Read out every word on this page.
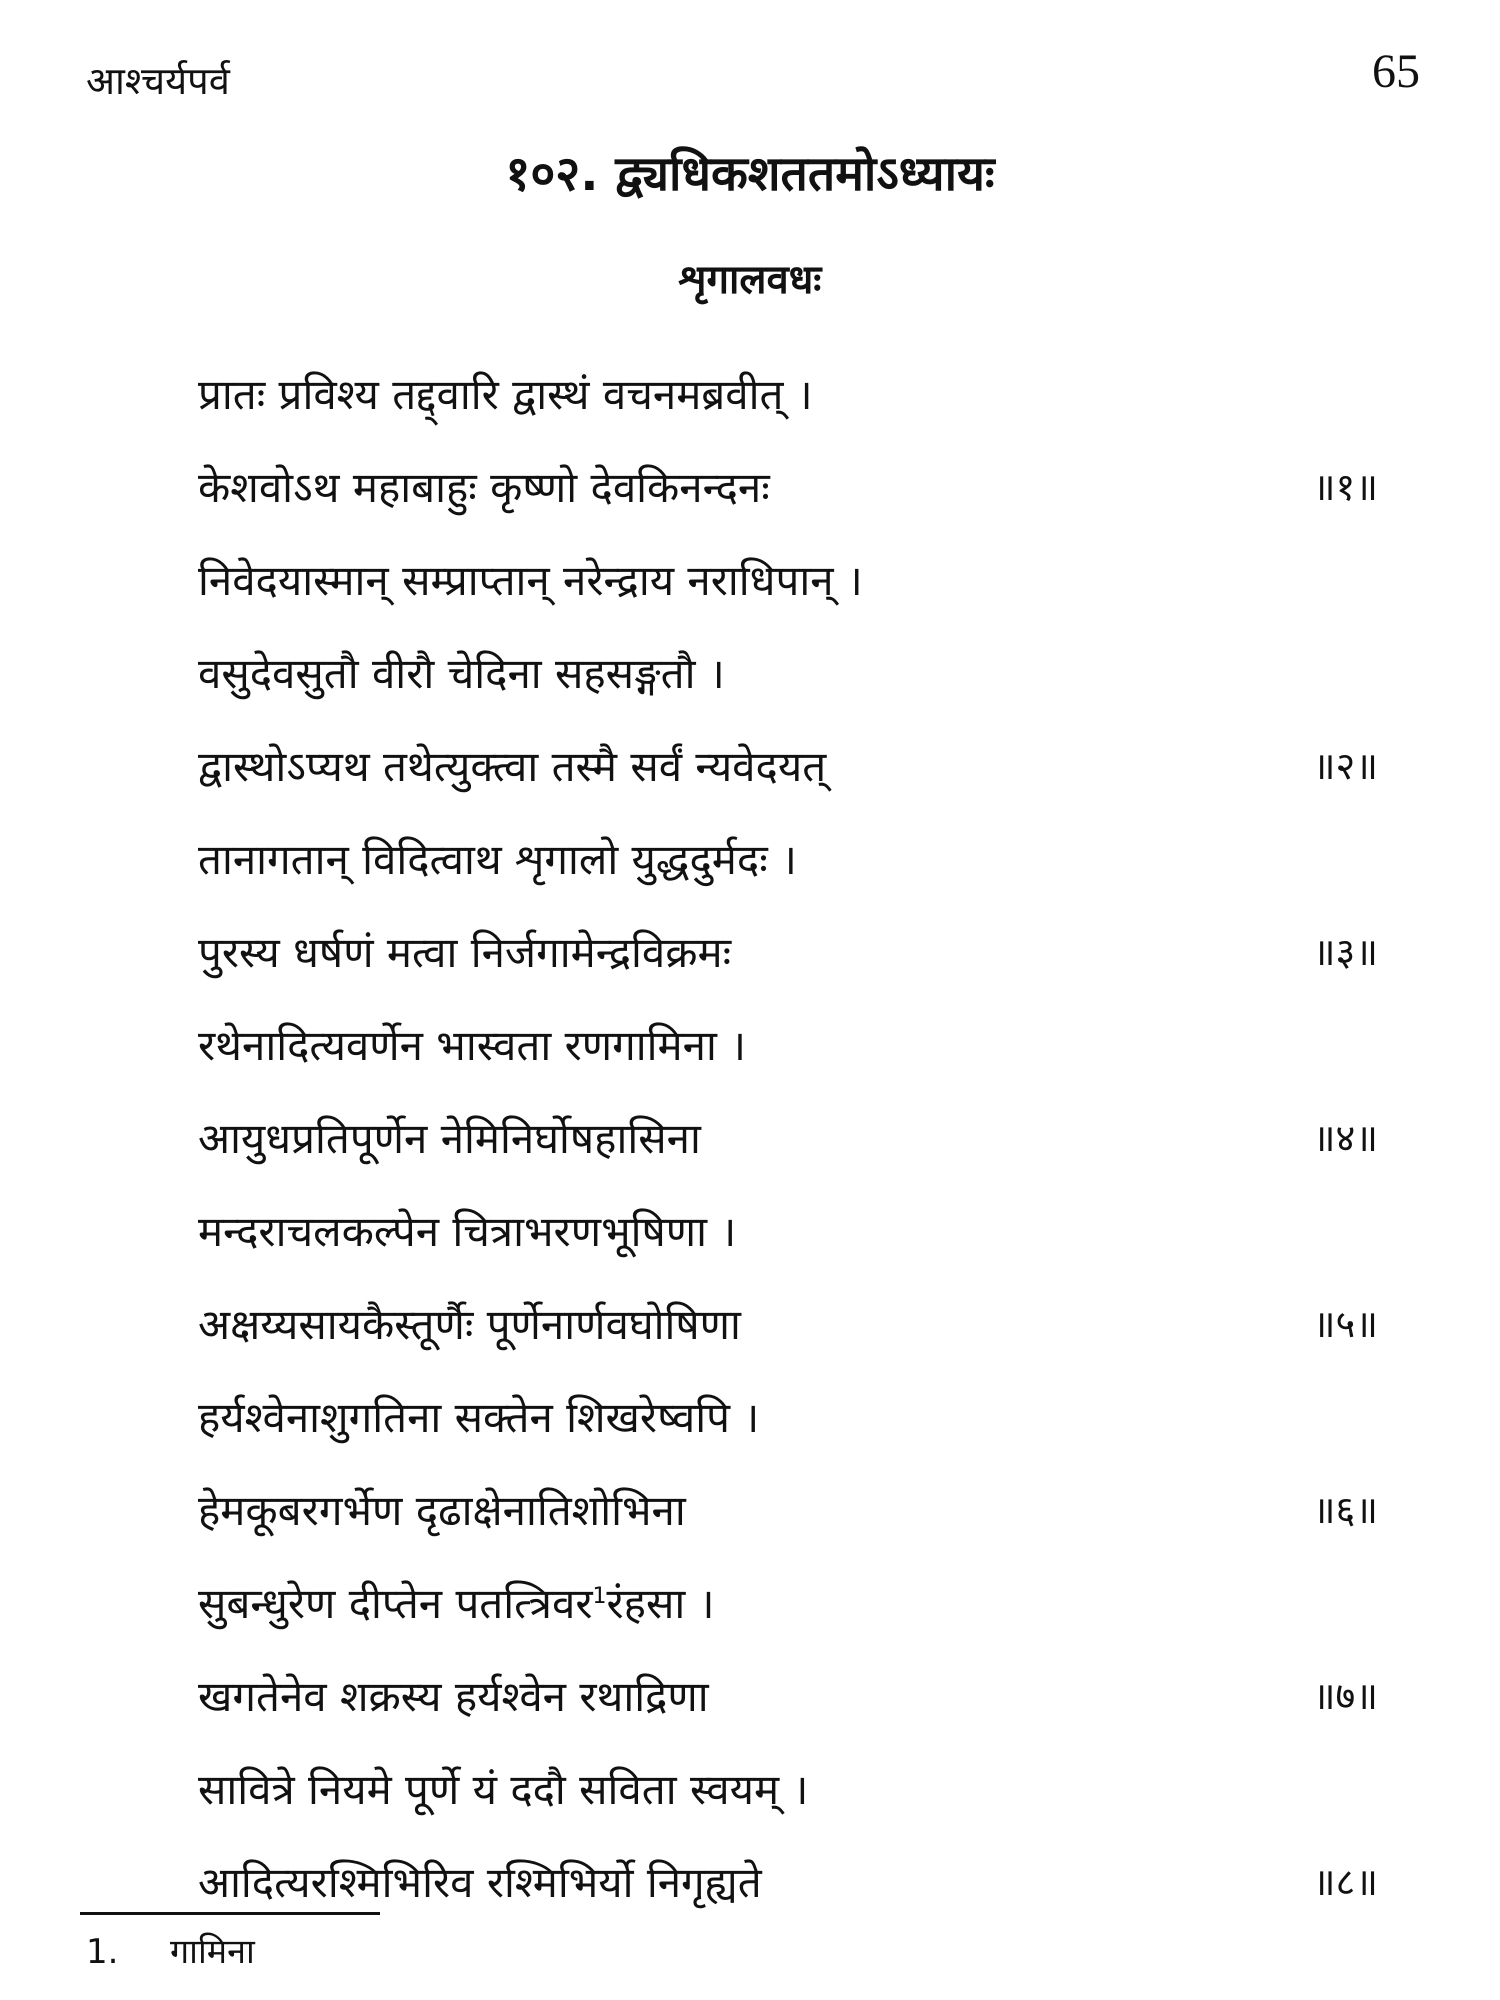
आश्चर्यपर्व	65
१०२. द्व्यधिकशततमोऽध्यायः
शृगालवधः
प्रातः प्रविश्य तद्द्वारि द्वास्थं वचनमब्रवीत् ।
केशवोऽथ महाबाहुः कृष्णो देवकिनन्दनः	॥१॥
निवेदयास्मान् सम्प्राप्तान् नरेन्द्राय नराधिपान् ।
वसुदेवसुतौ वीरौ चेदिना सहसङ्गतौ ।
द्वास्थोऽप्यथ तथेत्युक्त्वा तस्मै सर्वं न्यवेदयत्	॥२॥
तानागतान् विदित्वाथ शृगालो युद्धदुर्मदः ।
पुरस्य धर्षणं मत्वा निर्जगामेन्द्रविक्रमः	॥३॥
रथेनादित्यवर्णेन भास्वता रणगामिना ।
आयुधप्रतिपूर्णेन नेमिनिर्घोषहासिना	॥४॥
मन्दराचलकल्पेन चित्राभरणभूषिणा ।
अक्षय्यसायकैस्तूर्णैः पूर्णेनार्णवघोषिणा	॥५॥
हर्यश्वेनाशुगतिना सक्तेन शिखरेष्वपि ।
हेमकूबरगर्भेण दृढाक्षेनातिशोभिना	॥६॥
सुबन्धुरेण दीप्तेन पतत्त्रिवर$^1$रंहसा ।
खगतेनेव शक्रस्य हर्यश्वेन रथाद्रिणा	॥७॥
सावित्रे नियमे पूर्णे यं ददौ सविता स्वयम् ।
आदित्यरश्मिभिरिव रश्मिभिर्यो निगृह्यते	॥८॥
1. गामिना
